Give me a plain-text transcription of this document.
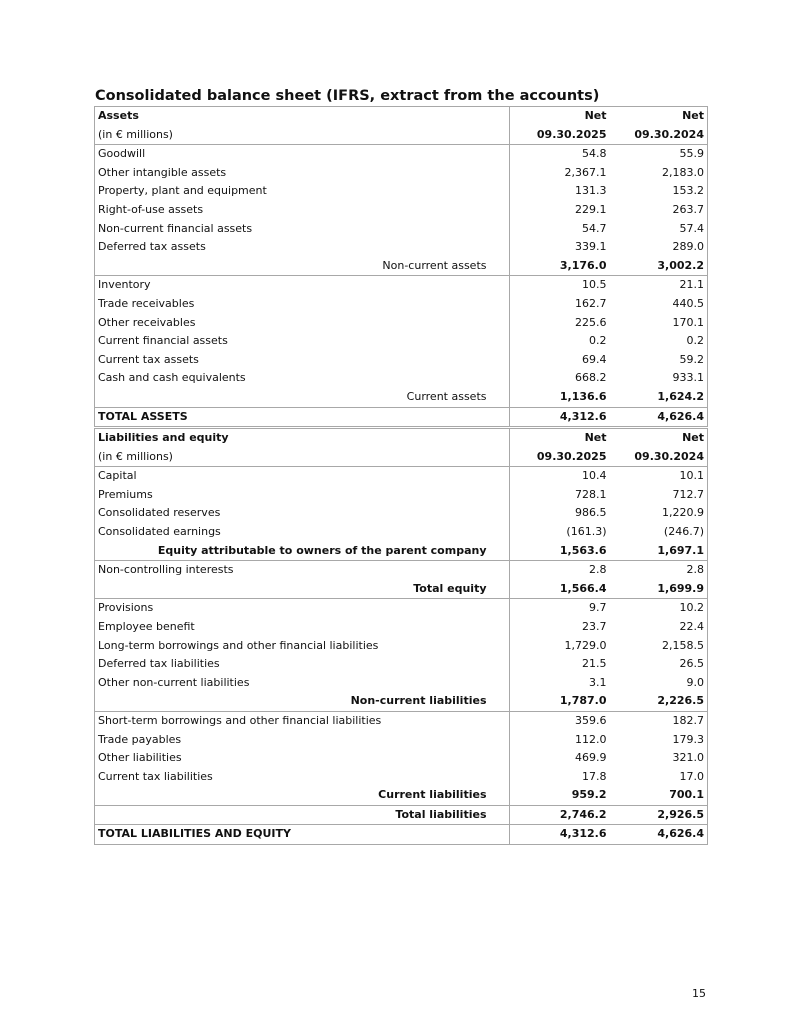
Consolidated balance sheet (IFRS, extract from the accounts)
Assets		Net	Net
(in € millions)		09.30.2025	09.30.2024
Goodwill		54.8	55.9
Other intangible assets		2,367.1	2,183.0
Property, plant and equipment		131.3	153.2
Right-of-use assets		229.1	263.7
Non-current financial assets		54.7	57.4
Deferred tax assets		339.1	289.0
Non-current assets		3,176.0	3,002.2
Inventory		10.5	21.1
Trade receivables		162.7	440.5
Other receivables		225.6	170.1
Current financial assets		0.2	0.2
Current tax assets		69.4	59.2
Cash and cash equivalents		668.2	933.1
Current assets		1,136.6	1,624.2
TOTAL ASSETS		4,312.6	4,626.4
Liabilities and equity		Net	Net
(in € millions)		09.30.2025	09.30.2024
Capital		10.4	10.1
Premiums		728.1	712.7
Consolidated reserves		986.5	1,220.9
Consolidated earnings		(161.3)	(246.7)
Equity attributable to owners of the parent company		1,563.6	1,697.1
Non-controlling interests		2.8	2.8
Total equity		1,566.4	1,699.9
Provisions		9.7	10.2
Employee benefit		23.7	22.4
Long-term borrowings and other financial liabilities		1,729.0	2,158.5
Deferred tax liabilities		21.5	26.5
Other non-current liabilities		3.1	9.0
Non-current liabilities		1,787.0	2,226.5
Short-term borrowings and other financial liabilities		359.6	182.7
Trade payables		112.0	179.3
Other liabilities		469.9	321.0
Current tax liabilities		17.8	17.0
Current liabilities		959.2	700.1
Total liabilities		2,746.2	2,926.5
TOTAL LIABILITIES AND EQUITY		4,312.6	4,626.4
15
